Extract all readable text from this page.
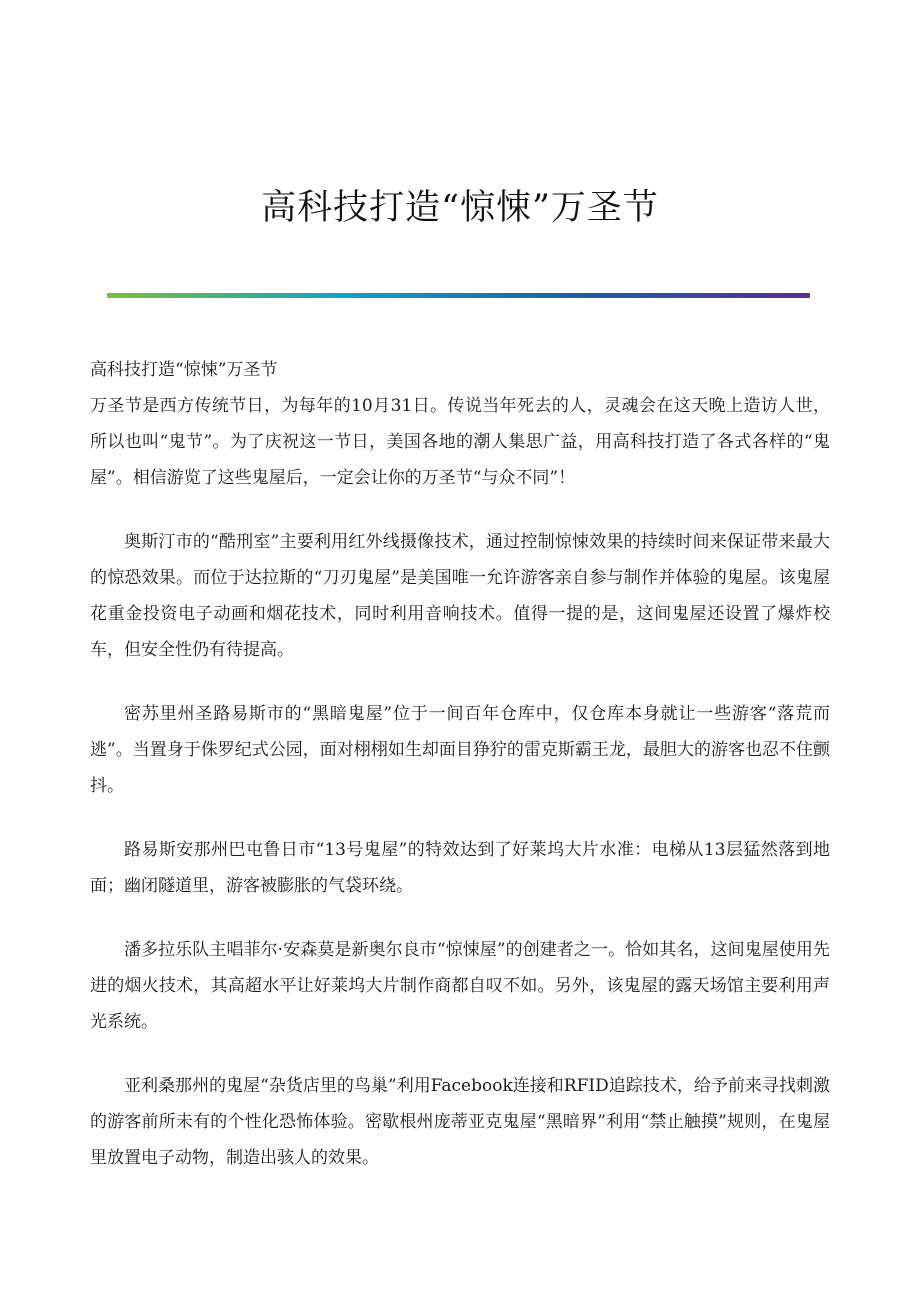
高科技打造“惊悚”万圣节

高科技打造“惊悚”万圣节

万圣节是西方传统节日，为每年的10月31日。传说当年死去的人，灵魂会在这天晚上造访人世，所以也叫“鬼节”。为了庆祝这一节日，美国各地的潮人集思广益，用高科技打造了各式各样的“鬼屋”。相信游览了这些鬼屋后，一定会让你的万圣节“与众不同”！

奥斯汀市的“酷刑室”主要利用红外线摄像技术，通过控制惊悚效果的持续时间来保证带来最大的惊恐效果。而位于达拉斯的“刀刃鬼屋”是美国唯一允许游客亲自参与制作并体验的鬼屋。该鬼屋花重金投资电子动画和烟花技术，同时利用音响技术。值得一提的是，这间鬼屋还设置了爆炸校车，但安全性仍有待提高。

密苏里州圣路易斯市的“黑暗鬼屋”位于一间百年仓库中，仅仓库本身就让一些游客“落荒而逃”。当置身于侏罗纪式公园，面对栩栩如生却面目狰狞的雷克斯霸王龙，最胆大的游客也忍不住颤抖。

路易斯安那州巴屯鲁日市“13号鬼屋”的特效达到了好莱坞大片水准：电梯从13层猛然落到地面；幽闭隧道里，游客被膨胀的气袋环绕。

潘多拉乐队主唱菲尔·安森莫是新奥尔良市“惊悚屋”的创建者之一。恰如其名，这间鬼屋使用先进的烟火技术，其高超水平让好莱坞大片制作商都自叹不如。另外，该鬼屋的露天场馆主要利用声光系统。

亚利桑那州的鬼屋“杂货店里的鸟巢”利用Facebook连接和RFID追踪技术，给予前来寻找刺激的游客前所未有的个性化恐怖体验。密歇根州庞蒂亚克鬼屋“黑暗界”利用“禁止触摸”规则，在鬼屋里放置电子动物，制造出骇人的效果。
